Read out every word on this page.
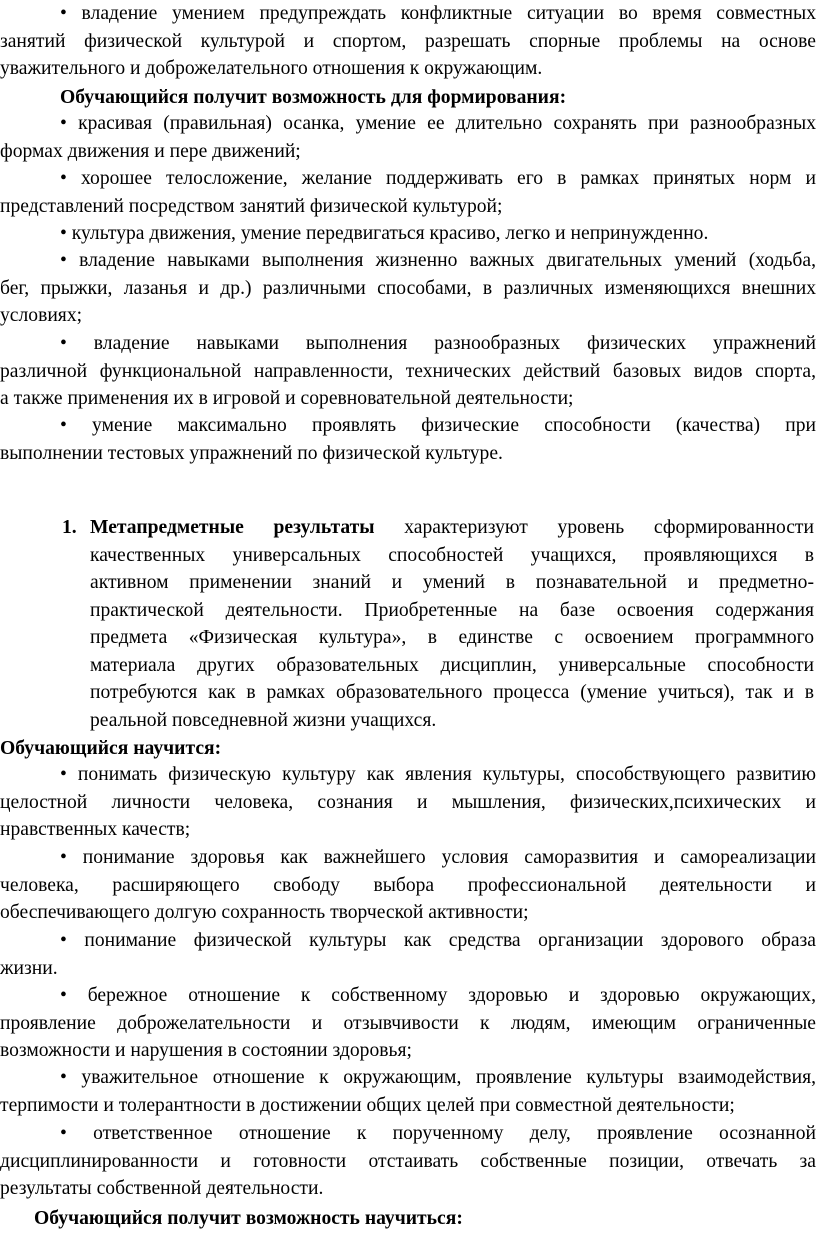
• владение умением предупреждать конфликтные ситуации во время совместных
занятий физической культурой и спортом, разрешать спорные проблемы на основе
уважительного и доброжелательного отношения к окружающим.
Обучающийся получит возможность для формирования:
• красивая (правильная) осанка, умение ее длительно сохранять при разнообразных
формах движения и пере движений;
• хорошее телосложение, желание поддерживать его в рамках принятых норм и
представлений посредством занятий физической культурой;
• культура движения, умение передвигаться красиво, легко и непринужденно.
• владение навыками выполнения жизненно важных двигательных умений (ходьба,
бег, прыжки, лазанья и др.) различными способами, в различных изменяющихся внешних
условиях;
• владение навыками выполнения разнообразных физических упражнений
различной функциональной направленности, технических действий базовых видов спорта,
а также применения их в игровой и соревновательной деятельности;
• умение максимально проявлять физические способности (качества) при
выполнении тестовых упражнений по физической культуре.
1. Метапредметные результаты характеризуют уровень сформированности
качественных универсальных способностей учащихся, проявляющихся в
активном применении знаний и умений в познавательной и предметно-
практической деятельности. Приобретенные на базе освоения содержания
предмета «Физическая культура», в единстве с освоением программного
материала других образовательных дисциплин, универсальные способности
потребуются как в рамках образовательного процесса (умение учиться), так и в
реальной повседневной жизни учащихся.
Обучающийся научится:
• понимать физическую культуру как явления культуры, способствующего развитию
целостной личности человека, сознания и мышления, физических,психических и
нравственных качеств;
• понимание здоровья как важнейшего условия саморазвития и самореализации
человека, расширяющего свободу выбора профессиональной деятельности и
обеспечивающего долгую сохранность творческой активности;
• понимание физической культуры как средства организации здорового образа
жизни.
• бережное отношение к собственному здоровью и здоровью окружающих,
проявление доброжелательности и отзывчивости к людям, имеющим ограниченные
возможности и нарушения в состоянии здоровья;
• уважительное отношение к окружающим, проявление культуры взаимодействия,
терпимости и толерантности в достижении общих целей при совместной деятельности;
• ответственное отношение к порученному делу, проявление осознанной
дисциплинированности и готовности отстаивать собственные позиции, отвечать за
результаты собственной деятельности.
Обучающийся получит возможность научиться:
